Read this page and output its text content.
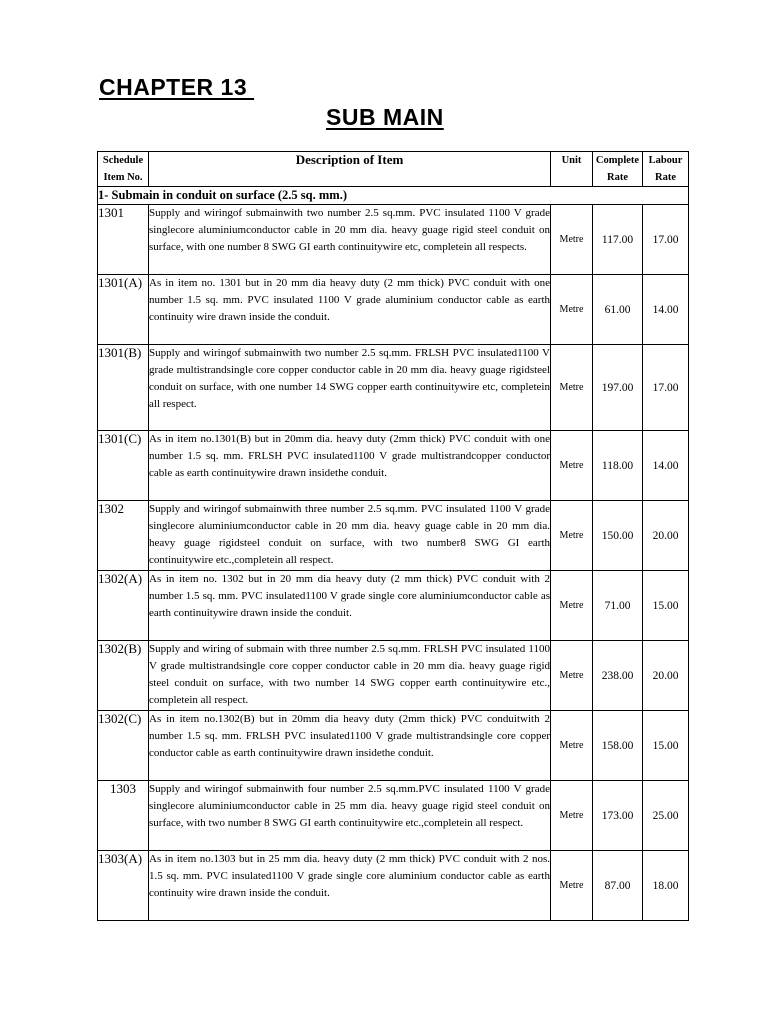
CHAPTER 13
SUB MAIN
Schedule Item No.	Description of Item	Unit	Complete Rate	Labour Rate
1- Submain in conduit on surface (2.5 sq. mm.)				
1301	Supply and wiringof submainwith two number 2.5 sq.mm. PVC insulated 1100 V grade singlecore aluminiumconductor cable in 20 mm dia. heavy guage rigid steel conduit on surface, with one number 8 SWG GI earth continuitywire etc, completein all respects.	Metre	117.00	17.00
1301(A)	As in item no. 1301 but in 20 mm dia heavy duty (2 mm thick) PVC conduit with one number 1.5 sq. mm. PVC insulated 1100 V grade aluminium conductor cable as earth continuity wire drawn inside the conduit.	Metre	61.00	14.00
1301(B)	Supply and wiringof submainwith two number 2.5 sq.mm. FRLSH PVC insulated1100 V grade multistrandsingle core copper conductor cable in 20 mm dia. heavy guage rigidsteel conduit on surface, with one number 14 SWG copper earth continuitywire etc, completein all respect.	Metre	197.00	17.00
1301(C)	As in item no.1301(B) but in 20mm dia. heavy duty (2mm thick) PVC conduit with one number 1.5 sq. mm. FRLSH PVC insulated1100 V grade multistrandcopper conductor cable as earth continuitywire drawn insidethe conduit.	Metre	118.00	14.00
1302	Supply and wiringof submainwith three number 2.5 sq.mm. PVC insulated 1100 V grade singlecore aluminiumconductor cable in 20 mm dia. heavy guage cable in 20 mm dia. heavy guage rigidsteel conduit on surface, with two number8 SWG GI earth continuitywire etc.,completein all respect.	Metre	150.00	20.00
1302(A)	As in item no. 1302 but in 20 mm dia heavy duty (2 mm thick) PVC conduit with 2 number 1.5 sq. mm. PVC insulated1100 V grade single core aluminiumconductor cable as earth continuitywire drawn inside the conduit.	Metre	71.00	15.00
1302(B)	Supply and wiring of submain with three number 2.5 sq.mm. FRLSH PVC insulated 1100 V grade multistrandsingle core copper conductor cable in 20 mm dia. heavy guage rigid steel conduit on surface, with two number 14 SWG copper earth continuitywire etc., completein all respect.	Metre	238.00	20.00
1302(C)	As in item no.1302(B) but in 20mm dia heavy duty (2mm thick) PVC conduitwith 2 number 1.5 sq. mm. FRLSH PVC insulated1100 V grade multistrandsingle core copper conductor cable as earth continuitywire drawn insidethe conduit.	Metre	158.00	15.00
1303	Supply and wiringof submainwith four number 2.5 sq.mm.PVC insulated 1100 V grade singlecore aluminiumconductor cable in 25 mm dia. heavy guage rigid steel conduit on surface, with two number 8 SWG GI earth continuitywire etc.,completein all respect.	Metre	173.00	25.00
1303(A)	As in item no.1303 but in 25 mm dia. heavy duty (2 mm thick) PVC conduit with 2 nos. 1.5 sq. mm. PVC insulated1100 V grade single core aluminium conductor cable as earth continuity wire drawn inside the conduit.	Metre	87.00	18.00
